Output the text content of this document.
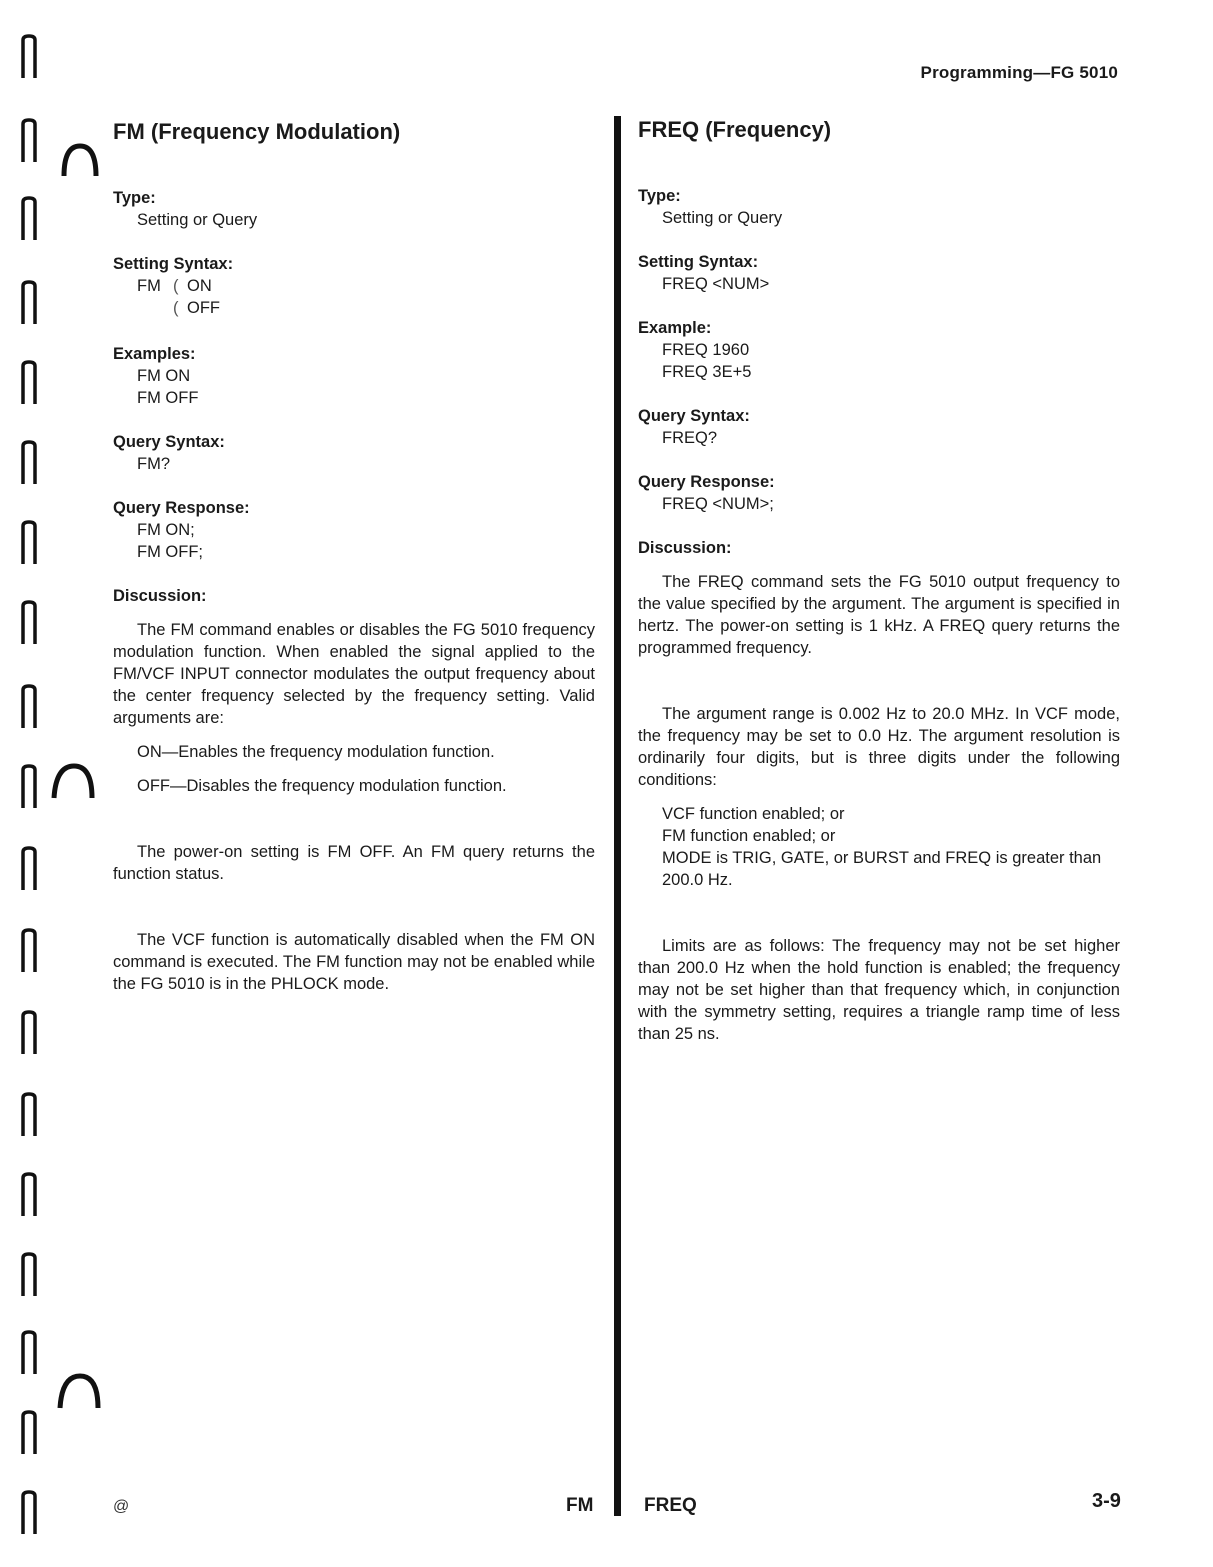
Programming—FG 5010
FM (Frequency Modulation)
Type:
Setting or Query
Setting Syntax:
FM ( ON
( OFF
Examples:
FM ON
FM OFF
Query Syntax:
FM?
Query Response:
FM ON;
FM OFF;
Discussion:

The FM command enables or disables the FG 5010 frequency modulation function. When enabled the signal applied to the FM/VCF INPUT connector modulates the output frequency about the center frequency selected by the frequency setting. Valid arguments are:

ON—Enables the frequency modulation function.

OFF—Disables the frequency modulation function.

The power-on setting is FM OFF. An FM query returns the function status.

The VCF function is automatically disabled when the FM ON command is executed. The FM function may not be enabled while the FG 5010 is in the PHLOCK mode.

FREQ (Frequency)
Type:
Setting or Query
Setting Syntax:
FREQ <NUM>
Example:
FREQ 1960
FREQ 3E+5
Query Syntax:
FREQ?
Query Response:
FREQ <NUM>;
Discussion:

The FREQ command sets the FG 5010 output frequency to the value specified by the argument. The argument is specified in hertz. The power-on setting is 1 kHz. A FREQ query returns the programmed frequency.

The argument range is 0.002 Hz to 20.0 MHz. In VCF mode, the frequency may be set to 0.0 Hz. The argument resolution is ordinarily four digits, but is three digits under the following conditions:

VCF function enabled; or
FM function enabled; or
MODE is TRIG, GATE, or BURST and FREQ is greater than 200.0 Hz.

Limits are as follows: The frequency may not be set higher than 200.0 Hz when the hold function is enabled; the frequency may not be set higher than that frequency which, in conjunction with the symmetry setting, requires a triangle ramp time of less than 25 ns.

@	FM	FREQ	3-9
